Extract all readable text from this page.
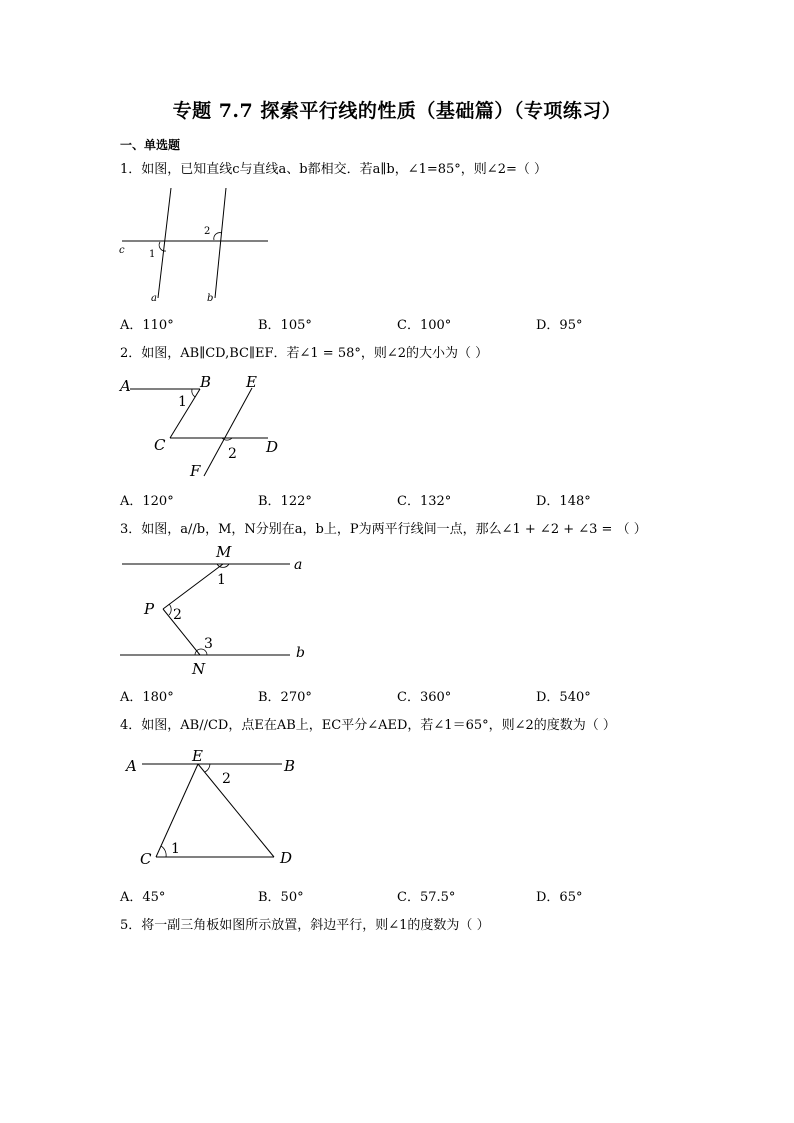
专题 7.7 探索平行线的性质（基础篇）（专项练习）
一、单选题
1．如图，已知直线c与直线a、b都相交．若a∥b，∠1=85°，则∠2=（ ）
c 1
2
a	b
A．110°	B．105°	C．100°	D．95°
2．如图，AB∥CD,BC∥EF．若∠1 = 58°，则∠2的大小为（ ）
A	B E
1
C	D
F
2
A．120°	B．122°	C．132°	D．148°
3．如图，a//b，M，N分别在a，b上，P为两平行线间一点，那么∠1 + ∠2 + ∠3 = （ ）
M
a
1
P 2
3
N
b
A．180°	B．270°	C．360°	D．540°
4．如图，AB//CD，点E在AB上，EC平分∠AED，若∠1＝65°，则∠2的度数为（ ）
A
E
B
2
C
1	D
A．45°	B．50°	C．57.5°	D．65°
5．将一副三角板如图所示放置，斜边平行，则∠1的度数为（ ）
